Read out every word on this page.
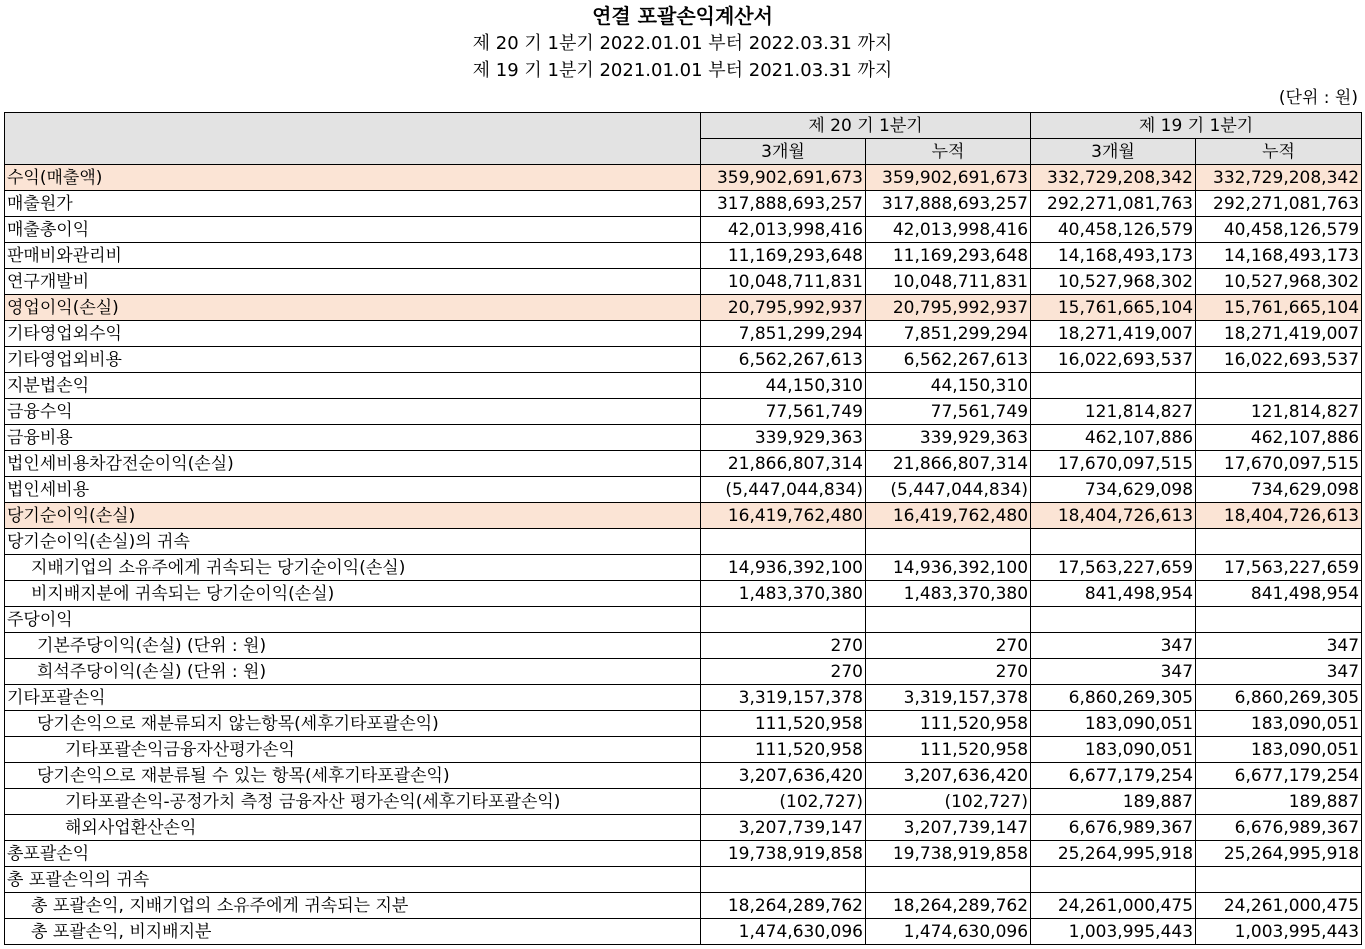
연결 포괄손익계산서
제 20 기 1분기 2022.01.01 부터 2022.03.31 까지
제 19 기 1분기 2021.01.01 부터 2021.03.31 까지
(단위 : 원)
	제 20 기 1분기		제 19 기 1분기	
	3개월	누적	3개월	누적
수익(매출액)	359,902,691,673	359,902,691,673	332,729,208,342	332,729,208,342
매출원가	317,888,693,257	317,888,693,257	292,271,081,763	292,271,081,763
매출총이익	42,013,998,416	42,013,998,416	40,458,126,579	40,458,126,579
판매비와관리비	11,169,293,648	11,169,293,648	14,168,493,173	14,168,493,173
연구개발비	10,048,711,831	10,048,711,831	10,527,968,302	10,527,968,302
영업이익(손실)	20,795,992,937	20,795,992,937	15,761,665,104	15,761,665,104
기타영업외수익	7,851,299,294	7,851,299,294	18,271,419,007	18,271,419,007
기타영업외비용	6,562,267,613	6,562,267,613	16,022,693,537	16,022,693,537
지분법손익	44,150,310	44,150,310		
금융수익	77,561,749	77,561,749	121,814,827	121,814,827
금융비용	339,929,363	339,929,363	462,107,886	462,107,886
법인세비용차감전순이익(손실)	21,866,807,314	21,866,807,314	17,670,097,515	17,670,097,515
법인세비용	(5,447,044,834)	(5,447,044,834)	734,629,098	734,629,098
당기순이익(손실)	16,419,762,480	16,419,762,480	18,404,726,613	18,404,726,613
당기순이익(손실)의 귀속				
지배기업의 소유주에게 귀속되는 당기순이익(손실)	14,936,392,100	14,936,392,100	17,563,227,659	17,563,227,659
비지배지분에 귀속되는 당기순이익(손실)	1,483,370,380	1,483,370,380	841,498,954	841,498,954
주당이익				
기본주당이익(손실) (단위 : 원)	270	270	347	347
희석주당이익(손실) (단위 : 원)	270	270	347	347
기타포괄손익	3,319,157,378	3,319,157,378	6,860,269,305	6,860,269,305
당기손익으로 재분류되지 않는항목(세후기타포괄손익)	111,520,958	111,520,958	183,090,051	183,090,051
기타포괄손익금융자산평가손익	111,520,958	111,520,958	183,090,051	183,090,051
당기손익으로 재분류될 수 있는 항목(세후기타포괄손익)	3,207,636,420	3,207,636,420	6,677,179,254	6,677,179,254
기타포괄손익-공정가치 측정 금융자산 평가손익(세후기타포괄손익)	(102,727)	(102,727)	189,887	189,887
해외사업환산손익	3,207,739,147	3,207,739,147	6,676,989,367	6,676,989,367
총포괄손익	19,738,919,858	19,738,919,858	25,264,995,918	25,264,995,918
총 포괄손익의 귀속				
총 포괄손익, 지배기업의 소유주에게 귀속되는 지분	18,264,289,762	18,264,289,762	24,261,000,475	24,261,000,475
총 포괄손익, 비지배지분	1,474,630,096	1,474,630,096	1,003,995,443	1,003,995,443
